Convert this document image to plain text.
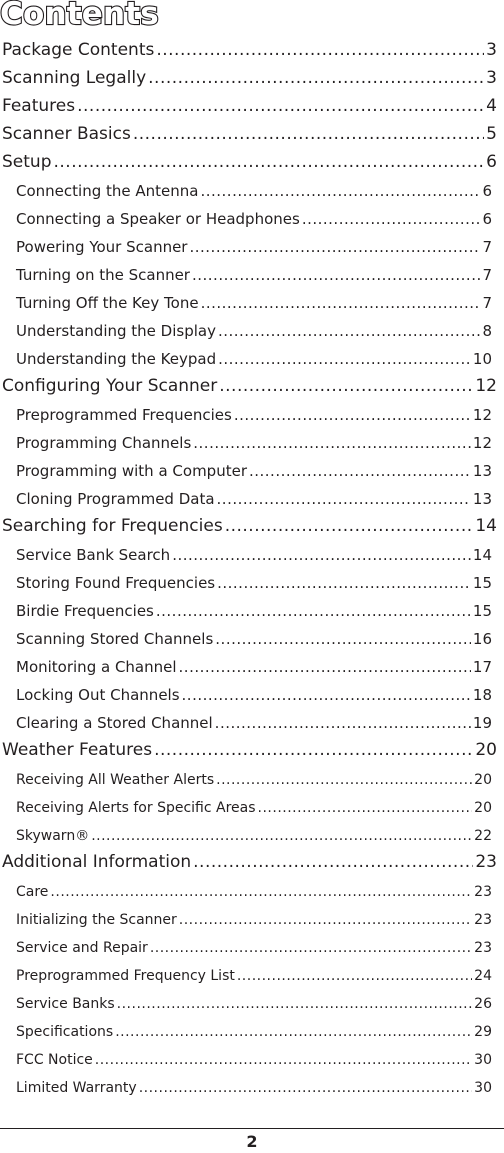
Contents
Package Contents .....	3
Scanning Legally .....	3
Features .....	4
Scanner Basics .....	5
Setup .....	6
Connecting the Antenna .....	6
Connecting a Speaker or Headphones .....	6
Powering Your Scanner .....	7
Turning on the Scanner .....	7
Turning Off the Key Tone .....	7
Understanding the Display .....	8
Understanding the Keypad .....	10
Configuring Your Scanner .....	12
Preprogrammed Frequencies .....	12
Programming Channels .....	12
Programming with a Computer .....	13
Cloning Programmed Data .....	13
Searching for Frequencies .....	14
Service Bank Search .....	14
Storing Found Frequencies .....	15
Birdie Frequencies .....	15
Scanning Stored Channels .....	16
Monitoring a Channel .....	17
Locking Out Channels .....	18
Clearing a Stored Channel .....	19
Weather Features .....	20
Receiving All Weather Alerts .....	20
Receiving Alerts for Specific Areas .....	20
Skywarn® .....	22
Additional Information .....	23
Care .....	23
Initializing the Scanner .....	23
Service and Repair .....	23
Preprogrammed Frequency List .....	24
Service Banks .....	26
Specifications .....	29
FCC Notice .....	30
Limited Warranty .....	30
2
